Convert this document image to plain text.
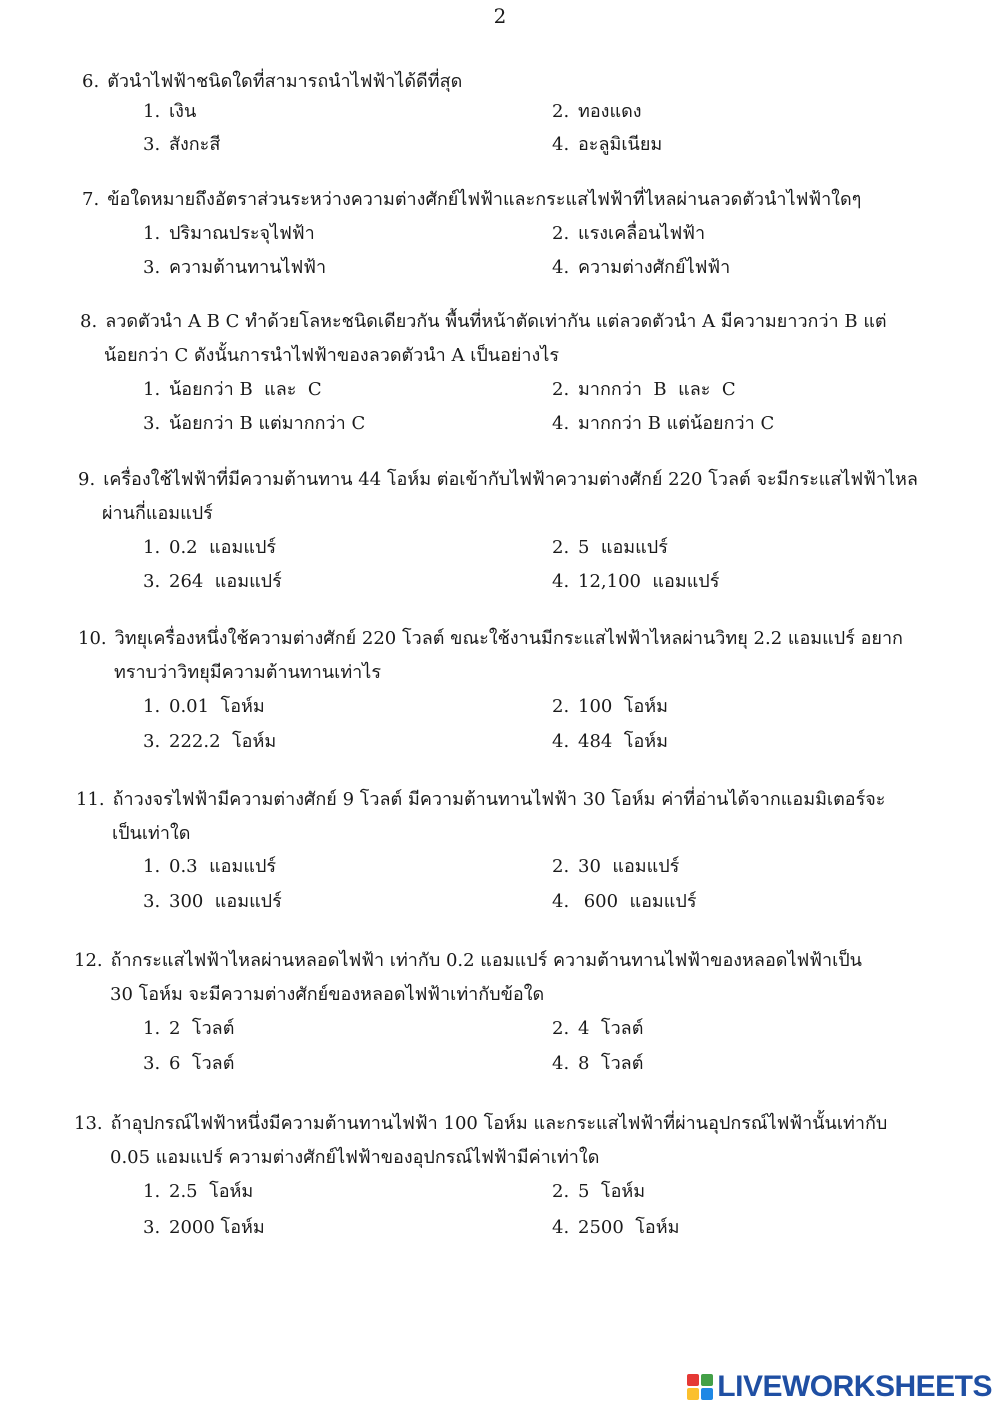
2
6. ตัวนำไฟฟ้าชนิดใดที่สามารถนำไฟฟ้าได้ดีที่สุด
1. เงิน	2. ทองแดง
3. สังกะสี	4. อะลูมิเนียม
7. ข้อใดหมายถึงอัตราส่วนระหว่างความต่างศักย์ไฟฟ้าและกระแสไฟฟ้าที่ไหลผ่านลวดตัวนำไฟฟ้าใดๆ
1. ปริมาณประจุไฟฟ้า	2. แรงเคลื่อนไฟฟ้า
3. ความต้านทานไฟฟ้า	4. ความต่างศักย์ไฟฟ้า
8. ลวดตัวนำ A B C ทำด้วยโลหะชนิดเดียวกัน พื้นที่หน้าตัดเท่ากัน แต่ลวดตัวนำ A มีความยาวกว่า B แต่
น้อยกว่า C ดังนั้นการนำไฟฟ้าของลวดตัวนำ A เป็นอย่างไร
1. น้อยกว่า B  และ  C	2. มากกว่า  B  และ  C
3. น้อยกว่า B แต่มากกว่า C	4. มากกว่า B แต่น้อยกว่า C
9. เครื่องใช้ไฟฟ้าที่มีความต้านทาน 44 โอห์ม ต่อเข้ากับไฟฟ้าความต่างศักย์ 220 โวลต์ จะมีกระแสไฟฟ้าไหล
ผ่านกี่แอมแปร์
1. 0.2  แอมแปร์	2. 5  แอมแปร์
3. 264  แอมแปร์	4. 12,100  แอมแปร์
10. วิทยุเครื่องหนึ่งใช้ความต่างศักย์ 220 โวลต์ ขณะใช้งานมีกระแสไฟฟ้าไหลผ่านวิทยุ 2.2 แอมแปร์ อยาก
ทราบว่าวิทยุมีความต้านทานเท่าไร
1. 0.01  โอห์ม	2. 100  โอห์ม
3. 222.2  โอห์ม	4. 484  โอห์ม
11. ถ้าวงจรไฟฟ้ามีความต่างศักย์ 9 โวลต์ มีความต้านทานไฟฟ้า 30 โอห์ม ค่าที่อ่านได้จากแอมมิเตอร์จะ
เป็นเท่าใด
1. 0.3  แอมแปร์	2. 30  แอมแปร์
3. 300  แอมแปร์	4. 600  แอมแปร์
12. ถ้ากระแสไฟฟ้าไหลผ่านหลอดไฟฟ้า เท่ากับ 0.2 แอมแปร์ ความต้านทานไฟฟ้าของหลอดไฟฟ้าเป็น
30 โอห์ม จะมีความต่างศักย์ของหลอดไฟฟ้าเท่ากับข้อใด
1. 2  โวลต์	2. 4  โวลต์
3. 6  โวลต์	4. 8  โวลต์
13. ถ้าอุปกรณ์ไฟฟ้าหนึ่งมีความต้านทานไฟฟ้า 100 โอห์ม และกระแสไฟฟ้าที่ผ่านอุปกรณ์ไฟฟ้านั้นเท่ากับ
0.05 แอมแปร์ ความต่างศักย์ไฟฟ้าของอุปกรณ์ไฟฟ้ามีค่าเท่าใด
1. 2.5  โอห์ม	2. 5  โอห์ม
3. 2000 โอห์ม	4. 2500  โอห์ม
LIVEWORKSHEETS
